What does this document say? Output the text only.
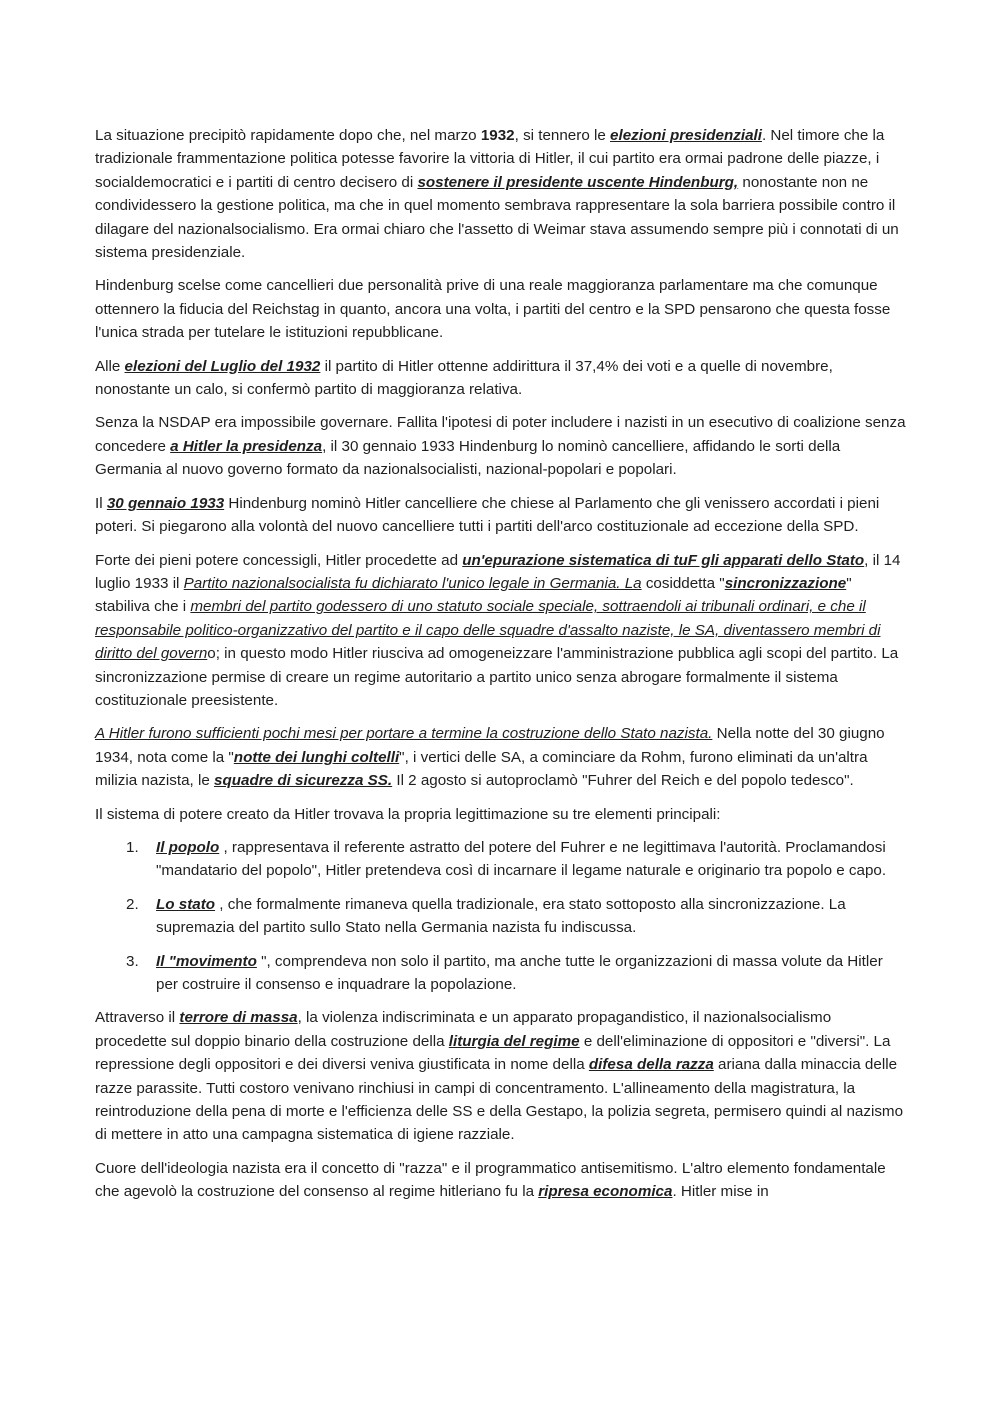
La situazione precipitò rapidamente dopo che, nel marzo 1932, si tennero le elezioni presidenziali. Nel timore che la tradizionale frammentazione politica potesse favorire la vittoria di Hitler, il cui partito era ormai padrone delle piazze, i socialdemocratici e i partiti di centro decisero di sostenere il presidente uscente Hindenburg, nonostante non ne condividessero la gestione politica, ma che in quel momento sembrava rappresentare la sola barriera possibile contro il dilagare del nazionalsocialismo. Era ormai chiaro che l'assetto di Weimar stava assumendo sempre più i connotati di un sistema presidenziale.

Hindenburg scelse come cancellieri due personalità prive di una reale maggioranza parlamentare ma che comunque ottennero la fiducia del Reichstag in quanto, ancora una volta, i partiti del centro e la SPD pensarono che questa fosse l'unica strada per tutelare le istituzioni repubblicane.

Alle elezioni del Luglio del 1932 il partito di Hitler ottenne addirittura il 37,4% dei voti e a quelle di novembre, nonostante un calo, si confermò partito di maggioranza relativa.

Senza la NSDAP era impossibile governare. Fallita l'ipotesi di poter includere i nazisti in un esecutivo di coalizione senza concedere a Hitler la presidenza, il 30 gennaio 1933 Hindenburg lo nominò cancelliere, affidando le sorti della Germania al nuovo governo formato da nazionalsocialisti, nazional-popolari e popolari.

Il 30 gennaio 1933 Hindenburg nominò Hitler cancelliere che chiese al Parlamento che gli venissero accordati i pieni poteri. Si piegarono alla volontà del nuovo cancelliere tutti i partiti dell'arco costituzionale ad eccezione della SPD.

Forte dei pieni potere concessigli, Hitler procedette ad un'epurazione sistematica di tuF gli apparati dello Stato, il 14 luglio 1933 il Partito nazionalsocialista fu dichiarato l'unico legale in Germania. La cosiddetta "sincronizzazione" stabiliva che i membri del partito godessero di uno statuto sociale speciale, sottraendoli ai tribunali ordinari, e che il responsabile politico-organizzativo del partito e il capo delle squadre d'assalto naziste, le SA, diventassero membri di diritto del governo; in questo modo Hitler riusciva ad omogeneizzare l'amministrazione pubblica agli scopi del partito. La sincronizzazione permise di creare un regime autoritario a partito unico senza abrogare formalmente il sistema costituzionale preesistente.

A Hitler furono sufficienti pochi mesi per portare a termine la costruzione dello Stato nazista. Nella notte del 30 giugno 1934, nota come la "notte dei lunghi coltelli", i vertici delle SA, a cominciare da Rohm, furono eliminati da un'altra milizia nazista, le squadre di sicurezza SS. Il 2 agosto si autoproclamò "Fuhrer del Reich e del popolo tedesco".

Il sistema di potere creato da Hitler trovava la propria legittimazione su tre elementi principali:

1. Il popolo , rappresentava il referente astratto del potere del Fuhrer e ne legittimava l'autorità. Proclamandosi "mandatario del popolo", Hitler pretendeva così di incarnare il legame naturale e originario tra popolo e capo.
2. Lo stato , che formalmente rimaneva quella tradizionale, era stato sottoposto alla sincronizzazione. La supremazia del partito sullo Stato nella Germania nazista fu indiscussa.
3. Il "movimento ", comprendeva non solo il partito, ma anche tutte le organizzazioni di massa volute da Hitler per costruire il consenso e inquadrare la popolazione.

Attraverso il terrore di massa, la violenza indiscriminata e un apparato propagandistico, il nazionalsocialismo procedette sul doppio binario della costruzione della liturgia del regime e dell'eliminazione di oppositori e "diversi". La repressione degli oppositori e dei diversi veniva giustificata in nome della difesa della razza ariana dalla minaccia delle razze parassite. Tutti costoro venivano rinchiusi in campi di concentramento. L'allineamento della magistratura, la reintroduzione della pena di morte e l'efficienza delle SS e della Gestapo, la polizia segreta, permisero quindi al nazismo di mettere in atto una campagna sistematica di igiene razziale.

Cuore dell'ideologia nazista era il concetto di "razza" e il programmatico antisemitismo. L'altro elemento fondamentale che agevolò la costruzione del consenso al regime hitleriano fu la ripresa economica. Hitler mise in
